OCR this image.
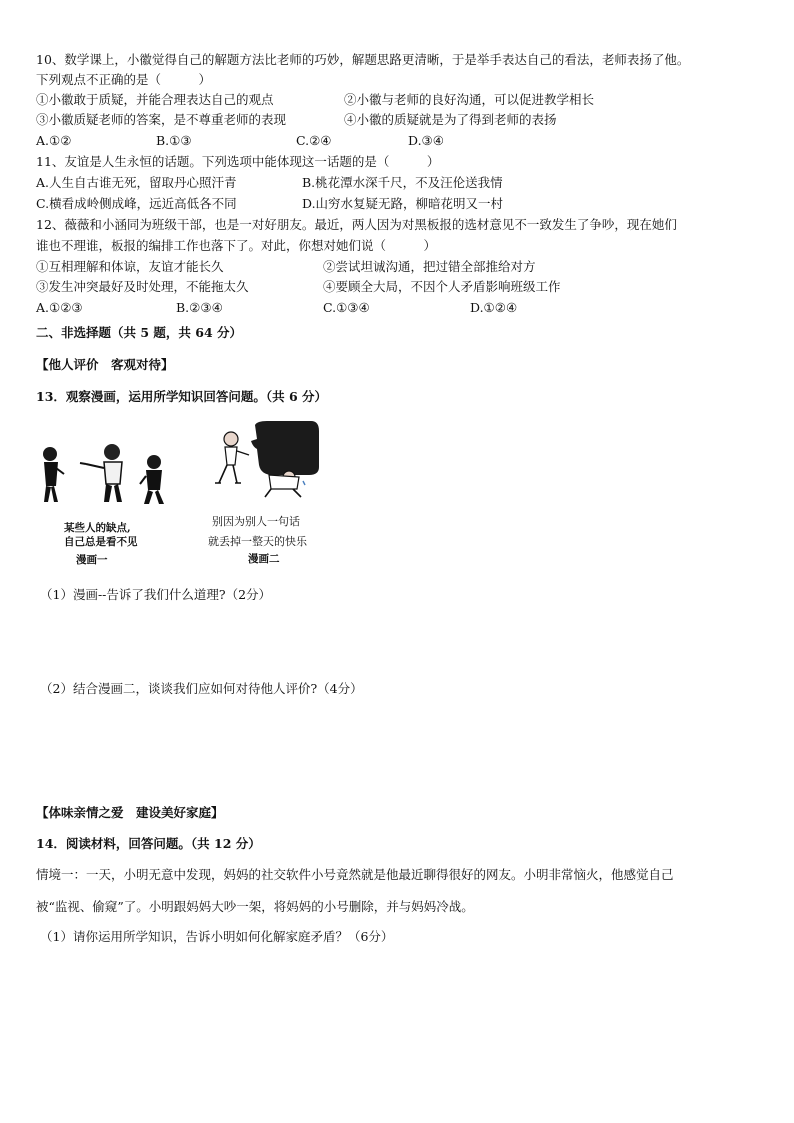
10、数学课上，小徽觉得自己的解题方法比老师的巧妙，解题思路更清晰，于是举手表达自己的看法，老师表扬了他。
下列观点不正确的是（　　　）
①小徽敢于质疑，并能合理表达自己的观点	②小徽与老师的良好沟通，可以促进教学相长
③小徽质疑老师的答案，是不尊重老师的表现	④小徽的质疑就是为了得到老师的表扬
A.①②	B.①③	C.②④	D.③④
11、友谊是人生永恒的话题。下列选项中能体现这一话题的是（　　　）
A.人生自古谁无死，留取丹心照汗青	B.桃花潭水深千尺，不及汪伦送我情
C.横看成岭侧成峰，远近高低各不同	D.山穷水复疑无路，柳暗花明又一村
12、薇薇和小涵同为班级干部，也是一对好朋友。最近，两人因为对黑板报的选材意见不一致发生了争吵，现在她们
谁也不理谁，板报的编排工作也落下了。对此，你想对她们说（　　　）
①互相理解和体谅，友谊才能长久	②尝试坦诚沟通，把过错全部推给对方
③发生冲突最好及时处理，不能拖太久	④要顾全大局，不因个人矛盾影响班级工作
A.①②③	B.②③④	C.①③④	D.①②④
二、非选择题（共 5 题，共 64 分）
【他人评价　客观对待】
13．观察漫画，运用所学知识回答问题。（共 6 分）
某些人的缺点,
自己总是看不见
漫画一
别因为别人一句话
就丢掉一整天的快乐
漫画二
（1）漫画--告诉了我们什么道理?（2分）
（2）结合漫画二，谈谈我们应如何对待他人评价?（4分）
【体味亲情之爱　建设美好家庭】
14．阅读材料，回答问题。（共 12 分）
情境一：一天，小明无意中发现，妈妈的社交软件小号竟然就是他最近聊得很好的网友。小明非常恼火，他感觉自己
被“监视、偷窥”了。小明跟妈妈大吵一架，将妈妈的小号删除，并与妈妈冷战。
（1）请你运用所学知识，告诉小明如何化解家庭矛盾？（6分）
